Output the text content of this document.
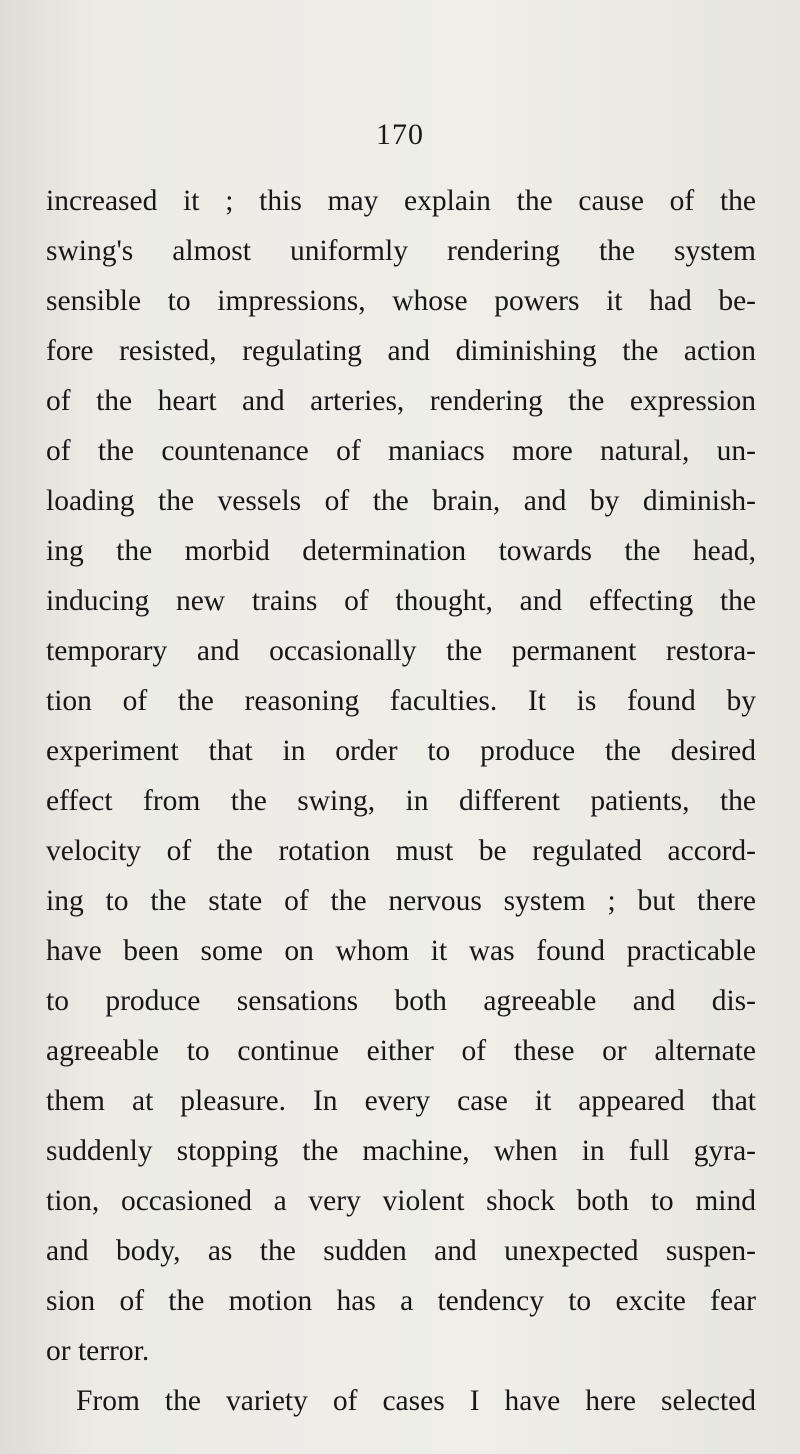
170
increased it ; this may explain the cause of the
swing's almost uniformly rendering the system
sensible to impressions, whose powers it had be-
fore resisted, regulating and diminishing the action
of the heart and arteries, rendering the expression
of the countenance of maniacs more natural, un-
loading the vessels of the brain, and by diminish-
ing the morbid determination towards the head,
inducing new trains of thought, and effecting the
temporary and occasionally the permanent restora-
tion of the reasoning faculties. It is found by
experiment that in order to produce the desired
effect from the swing, in different patients, the
velocity of the rotation must be regulated accord-
ing to the state of the nervous system ; but there
have been some on whom it was found practicable
to produce sensations both agreeable and dis-
agreeable to continue either of these or alternate
them at pleasure. In every case it appeared that
suddenly stopping the machine, when in full gyra-
tion, occasioned a very violent shock both to mind
and body, as the sudden and unexpected suspen-
sion of the motion has a tendency to excite fear
or terror.
From the variety of cases I have here selected
